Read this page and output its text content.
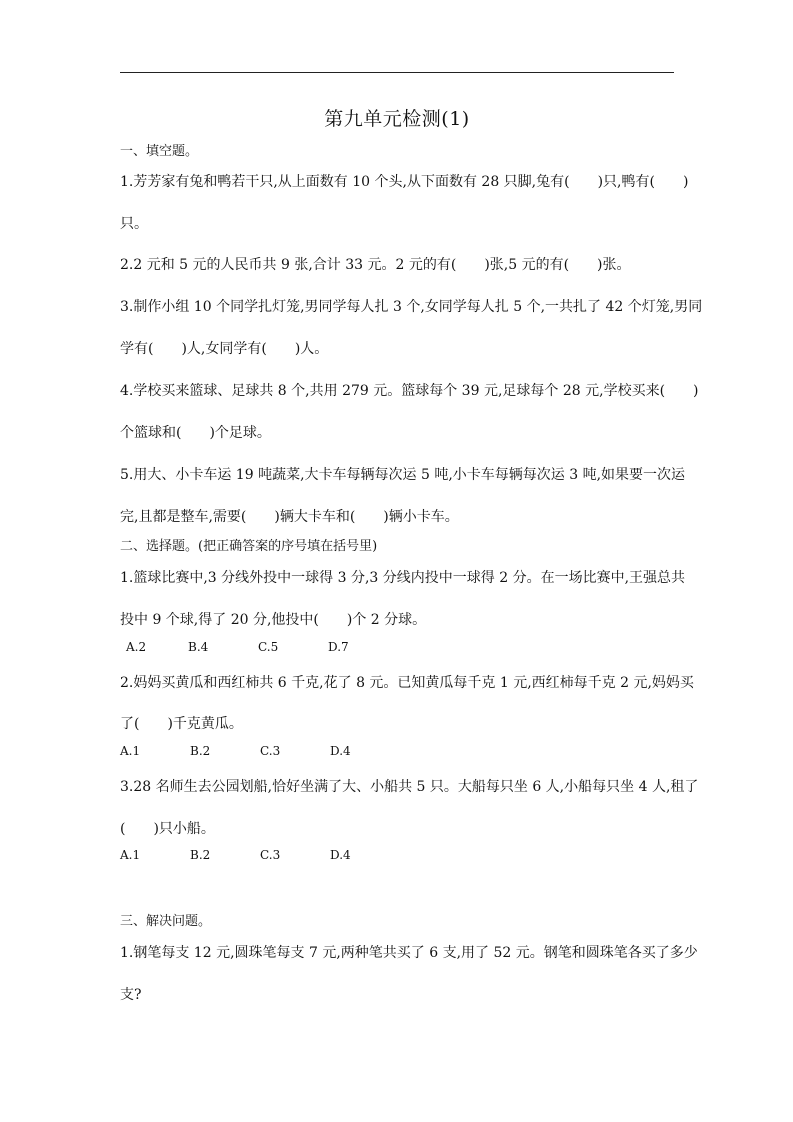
第九单元检测(1)
一、填空题。
1.芳芳家有兔和鸭若干只,从上面数有 10 个头,从下面数有 28 只脚,兔有(　　)只,鸭有(　　)
只。
2.2 元和 5 元的人民币共 9 张,合计 33 元。2 元的有(　　)张,5 元的有(　　)张。
3.制作小组 10 个同学扎灯笼,男同学每人扎 3 个,女同学每人扎 5 个,一共扎了 42 个灯笼,男同
学有(　　)人,女同学有(　　)人。
4.学校买来篮球、足球共 8 个,共用 279 元。篮球每个 39 元,足球每个 28 元,学校买来(　　)
个篮球和(　　)个足球。
5.用大、小卡车运 19 吨蔬菜,大卡车每辆每次运 5 吨,小卡车每辆每次运 3 吨,如果要一次运
完,且都是整车,需要(　　)辆大卡车和(　　)辆小卡车。
二、选择题。(把正确答案的序号填在括号里)
1.篮球比赛中,3 分线外投中一球得 3 分,3 分线内投中一球得 2 分。在一场比赛中,王强总共
投中 9 个球,得了 20 分,他投中(　　)个 2 分球。
A.2	B.4	C.5	D.7
2.妈妈买黄瓜和西红柿共 6 千克,花了 8 元。已知黄瓜每千克 1 元,西红柿每千克 2 元,妈妈买
了(　　)千克黄瓜。
A.1	B.2	C.3	D.4
3.28 名师生去公园划船,恰好坐满了大、小船共 5 只。大船每只坐 6 人,小船每只坐 4 人,租了
(　　)只小船。
A.1	B.2	C.3	D.4
三、解决问题。
1.钢笔每支 12 元,圆珠笔每支 7 元,两种笔共买了 6 支,用了 52 元。钢笔和圆珠笔各买了多少
支?
